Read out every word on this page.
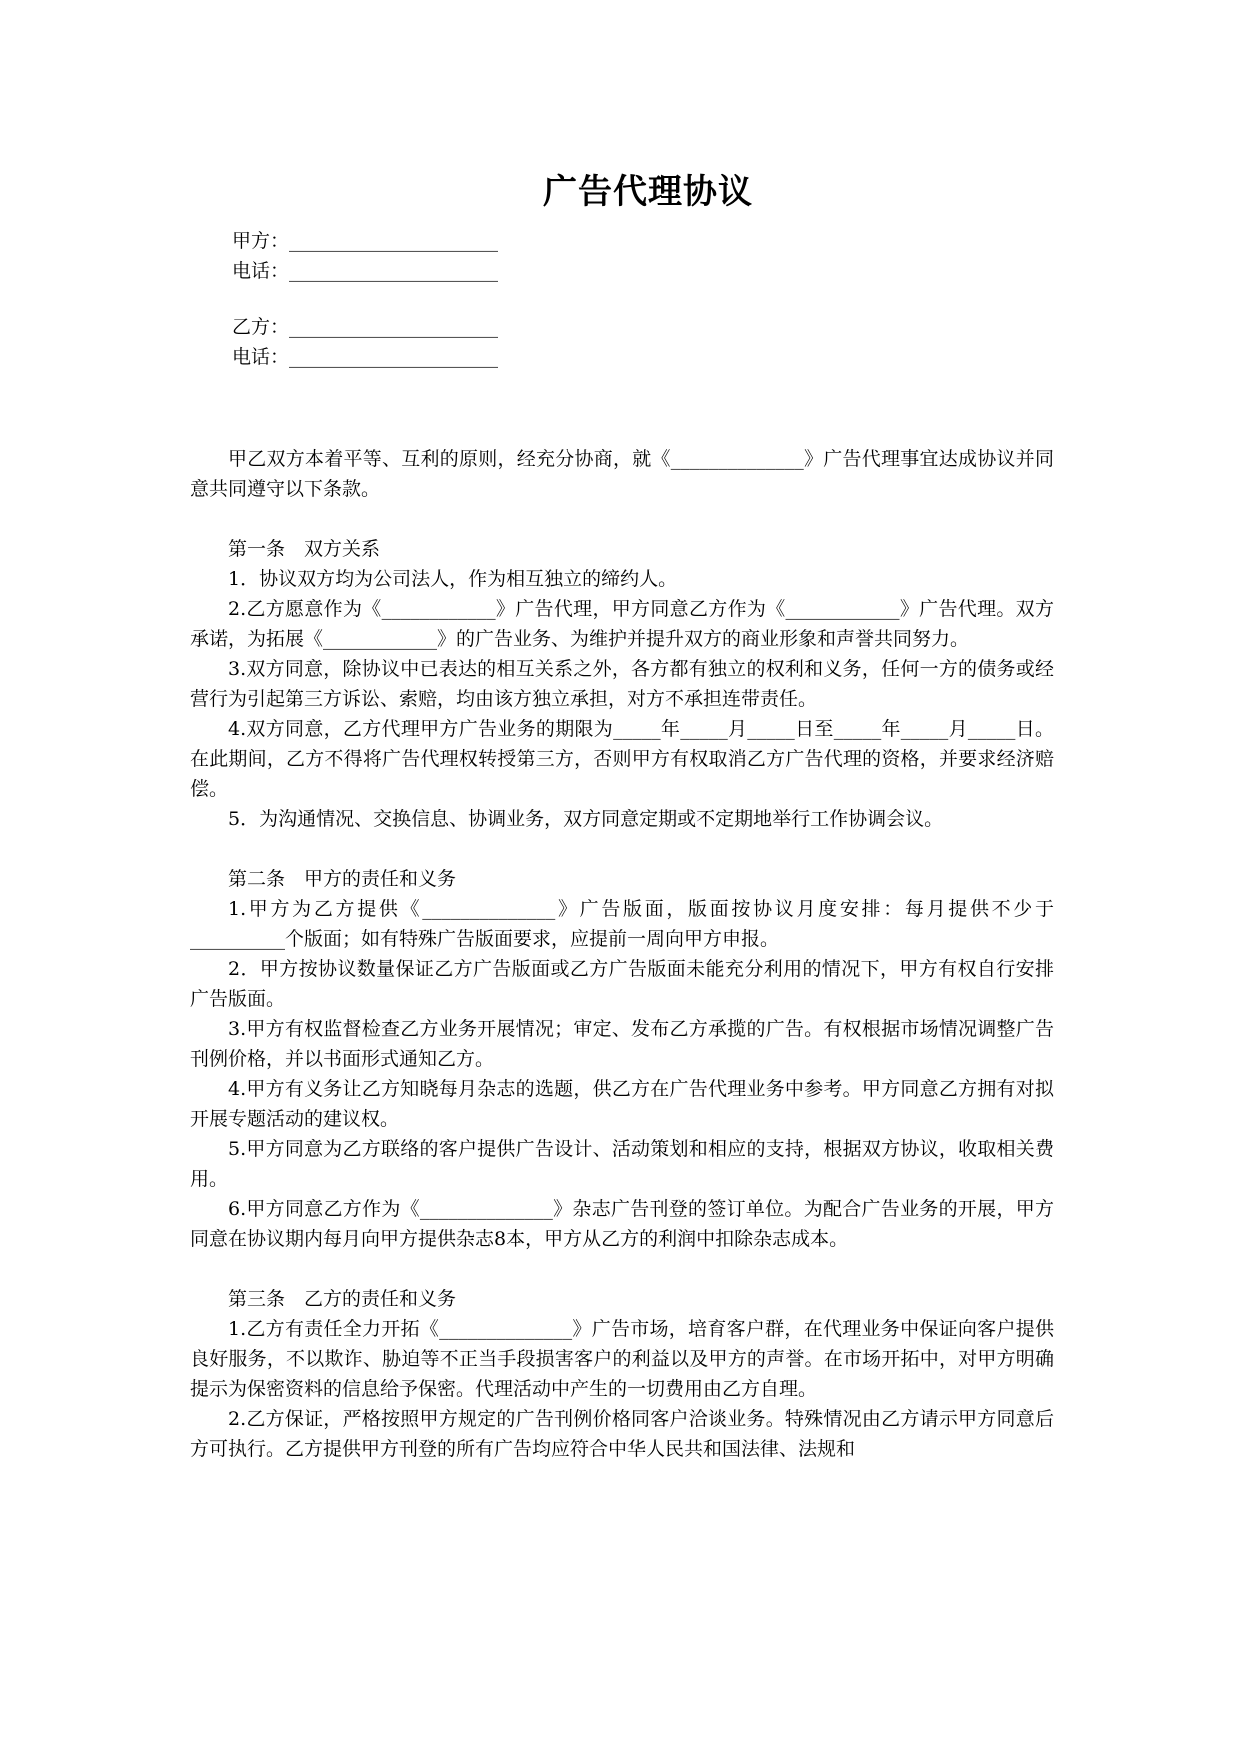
广告代理协议
甲方：______________________
电话：______________________
乙方：______________________
电话：______________________

甲乙双方本着平等、互利的原则，经充分协商，就《______________》广告代理事宜达成协议并同意共同遵守以下条款。

第一条　双方关系

1．协议双方均为公司法人，作为相互独立的缔约人。

2.乙方愿意作为《____________》广告代理，甲方同意乙方作为《____________》广告代理。双方承诺，为拓展《____________》的广告业务、为维护并提升双方的商业形象和声誉共同努力。

3.双方同意，除协议中已表达的相互关系之外，各方都有独立的权利和义务，任何一方的债务或经营行为引起第三方诉讼、索赔，均由该方独立承担，对方不承担连带责任。

4.双方同意，乙方代理甲方广告业务的期限为_____年_____月_____日至_____年_____月_____日。在此期间，乙方不得将广告代理权转授第三方，否则甲方有权取消乙方广告代理的资格，并要求经济赔偿。

5．为沟通情况、交换信息、协调业务，双方同意定期或不定期地举行工作协调会议。

第二条　甲方的责任和义务

1.甲方为乙方提供《______________》广告版面，版面按协议月度安排：每月提供不少于__________个版面；如有特殊广告版面要求，应提前一周向甲方申报。

2．甲方按协议数量保证乙方广告版面或乙方广告版面未能充分利用的情况下，甲方有权自行安排广告版面。

3.甲方有权监督检查乙方业务开展情况；审定、发布乙方承揽的广告。有权根据市场情况调整广告刊例价格，并以书面形式通知乙方。

4.甲方有义务让乙方知晓每月杂志的选题，供乙方在广告代理业务中参考。甲方同意乙方拥有对拟开展专题活动的建议权。

5.甲方同意为乙方联络的客户提供广告设计、活动策划和相应的支持，根据双方协议，收取相关费用。

6.甲方同意乙方作为《______________》杂志广告刊登的签订单位。为配合广告业务的开展，甲方同意在协议期内每月向甲方提供杂志8本，甲方从乙方的利润中扣除杂志成本。

第三条　乙方的责任和义务

1.乙方有责任全力开拓《______________》广告市场，培育客户群，在代理业务中保证向客户提供良好服务，不以欺诈、胁迫等不正当手段损害客户的利益以及甲方的声誉。在市场开拓中，对甲方明确提示为保密资料的信息给予保密。代理活动中产生的一切费用由乙方自理。

2.乙方保证，严格按照甲方规定的广告刊例价格同客户洽谈业务。特殊情况由乙方请示甲方同意后方可执行。乙方提供甲方刊登的所有广告均应符合中华人民共和国法律、法规和
